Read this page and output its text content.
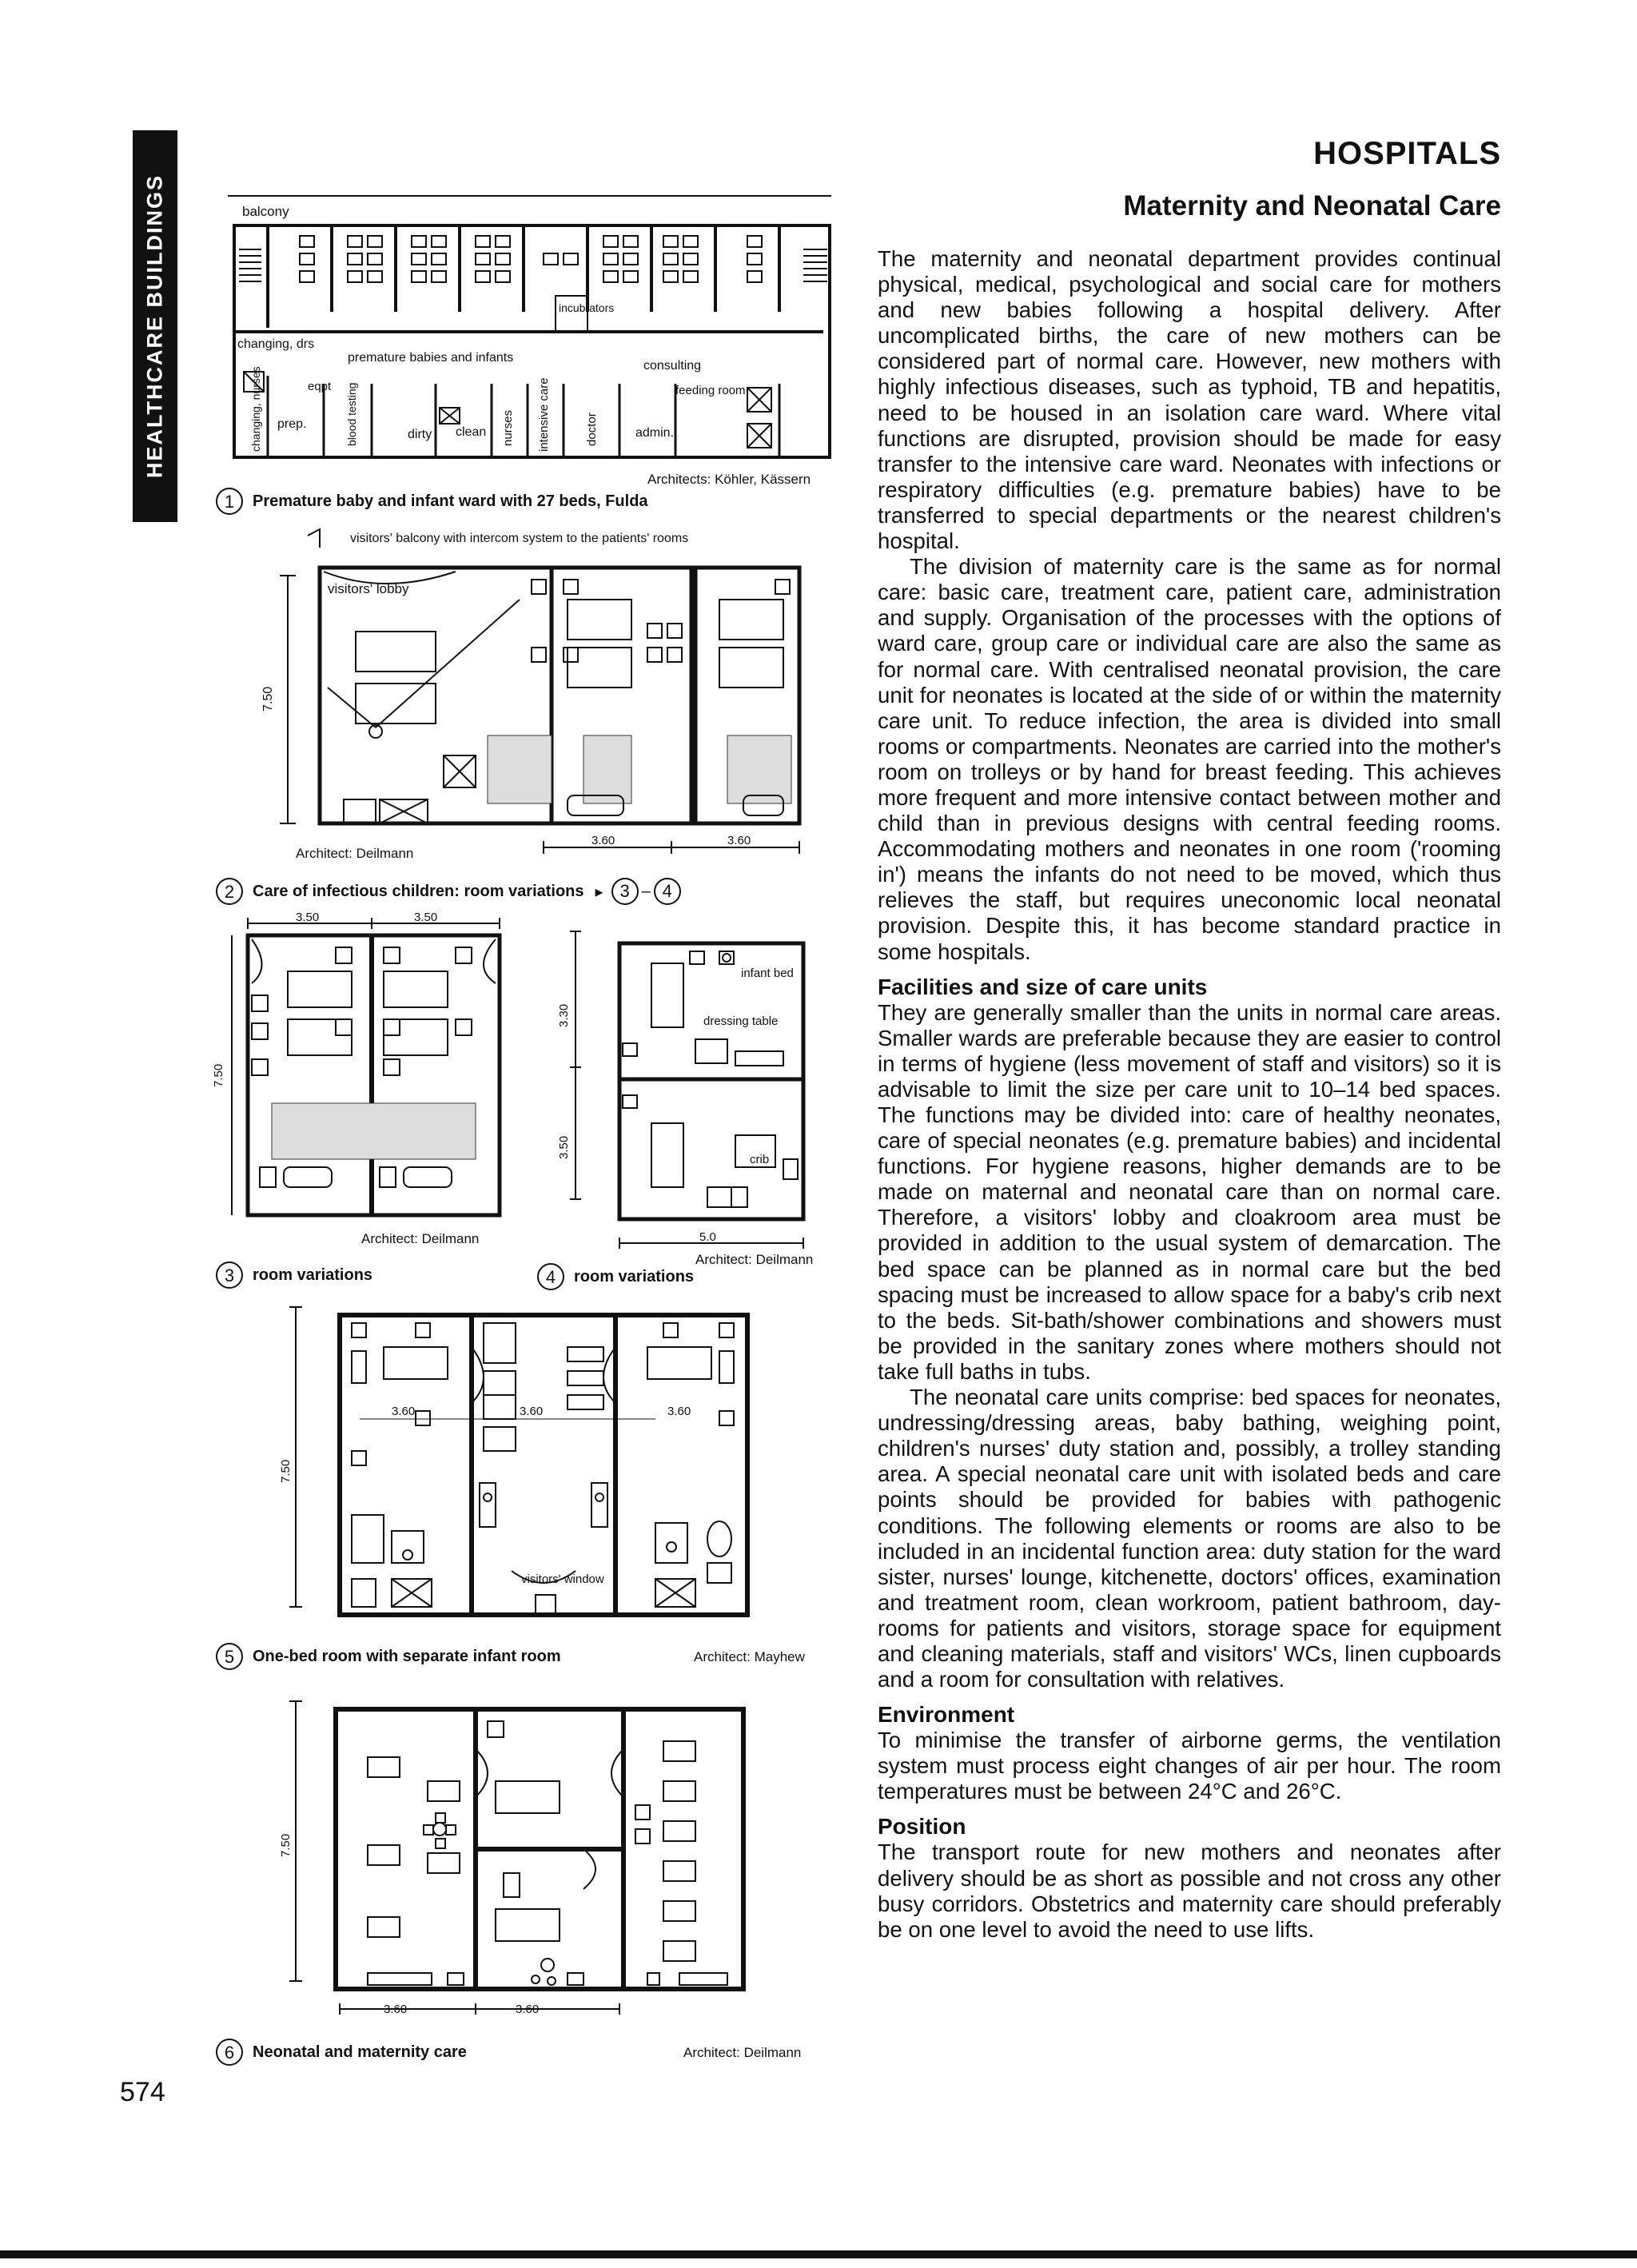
HEALTHCARE BUILDINGS
HOSPITALS
Maternity and Neonatal Care
balcony
incub-ators
changing, drs
premature babies and infants
consulting
feeding room
eqpt
prep.
dirty clean	admin.
changing, nurses	blood testing	nurses intensive care	doctor
Architects: Köhler, Kässern
1	Premature baby and infant ward with 27 beds, Fulda
visitors' balcony with intercom system to the patients' rooms
7.50
visitors' lobby
3.60	3.60
Architect: Deilmann
2	Care of infectious children: room variations ▸ 3 – 4
3.50	3.50
7.50
Architect: Deilmann
3	room variations
3.30
3.50
infant bed
dressing table
crib
5.0
Architect: Deilmann
4	room variations
7.50
3.60	3.60	3.60
visitors' window
5	One-bed room with separate infant room	Architect: Mayhew
7.50
3.60	3.60
6	Neonatal and maternity care	Architect: Deilmann

The maternity and neonatal department provides continual physical, medical, psychological and social care for mothers and new babies following a hospital delivery. After uncomplicated births, the care of new mothers can be considered part of normal care. However, new mothers with highly infectious diseases, such as typhoid, TB and hepatitis, need to be housed in an isolation care ward. Where vital functions are disrupted, provision should be made for easy transfer to the intensive care ward. Neonates with infections or respiratory difficulties (e.g. premature babies) have to be transferred to special departments or the nearest children's hospital.

The division of maternity care is the same as for normal care: basic care, treatment care, patient care, administration and supply. Organisation of the processes with the options of ward care, group care or individual care are also the same as for normal care. With centralised neonatal provision, the care unit for neonates is located at the side of or within the maternity care unit. To reduce infection, the area is divided into small rooms or compartments. Neonates are carried into the mother's room on trolleys or by hand for breast feeding. This achieves more frequent and more intensive contact between mother and child than in previous designs with central feeding rooms. Accommodating mothers and neonates in one room ('rooming in') means the infants do not need to be moved, which thus relieves the staff, but requires uneconomic local neonatal provision. Despite this, it has become standard practice in some hospitals.

Facilities and size of care units

They are generally smaller than the units in normal care areas. Smaller wards are preferable because they are easier to control in terms of hygiene (less movement of staff and visitors) so it is advisable to limit the size per care unit to 10–14 bed spaces. The functions may be divided into: care of healthy neonates, care of special neonates (e.g. premature babies) and incidental functions. For hygiene reasons, higher demands are to be made on maternal and neonatal care than on normal care. Therefore, a visitors' lobby and cloakroom area must be provided in addition to the usual system of demarcation. The bed space can be planned as in normal care but the bed spacing must be increased to allow space for a baby's crib next to the beds. Sit-bath/shower combinations and showers must be provided in the sanitary zones where mothers should not take full baths in tubs.

The neonatal care units comprise: bed spaces for neonates, undressing/dressing areas, baby bathing, weighing point, children's nurses' duty station and, possibly, a trolley standing area. A special neonatal care unit with isolated beds and care points should be provided for babies with pathogenic conditions. The following elements or rooms are also to be included in an incidental function area: duty station for the ward sister, nurses' lounge, kitchenette, doctors' offices, examination and treatment room, clean workroom, patient bathroom, day-rooms for patients and visitors, storage space for equipment and cleaning materials, staff and visitors' WCs, linen cupboards and a room for consultation with relatives.

Environment

To minimise the transfer of airborne germs, the ventilation system must process eight changes of air per hour. The room temperatures must be between 24°C and 26°C.

Position

The transport route for new mothers and neonates after delivery should be as short as possible and not cross any other busy corridors. Obstetrics and maternity care should preferably be on one level to avoid the need to use lifts.

574
